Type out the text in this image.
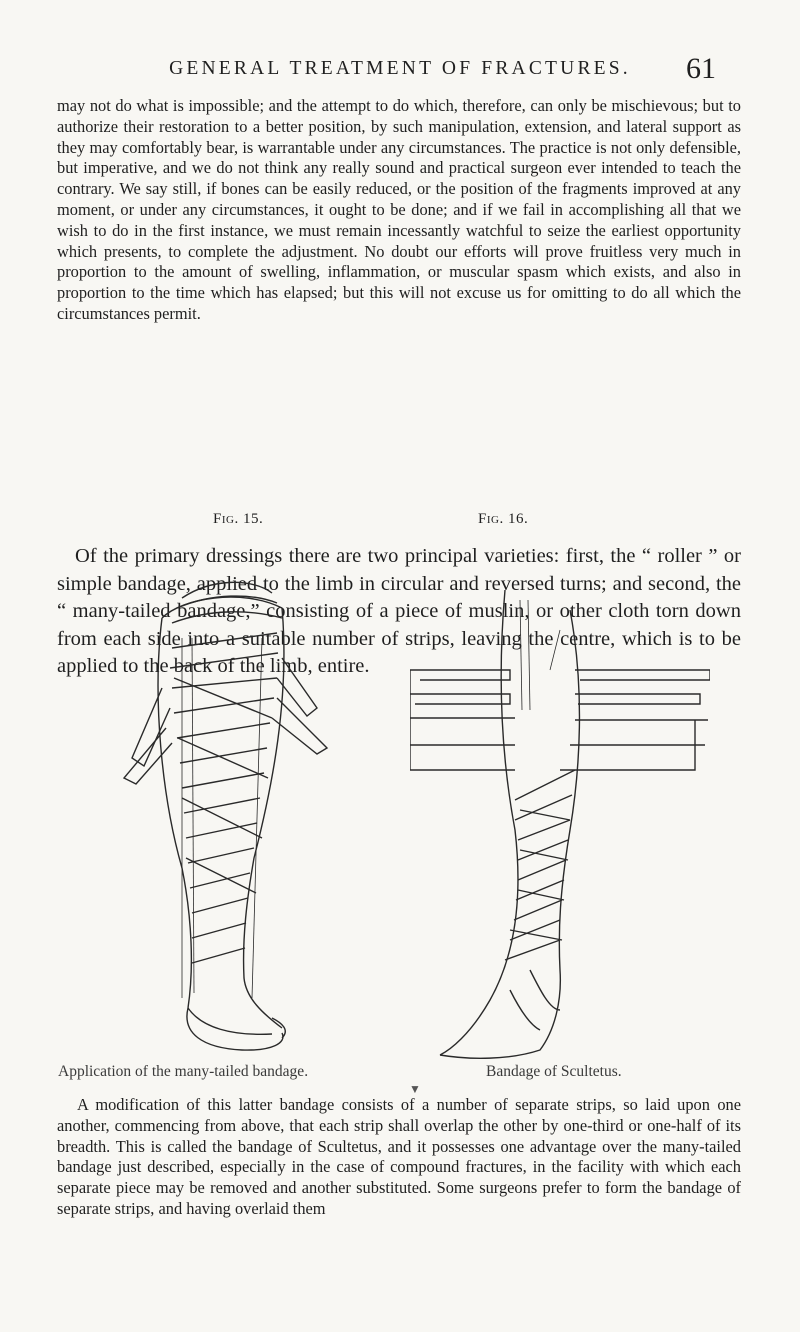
GENERAL TREATMENT OF FRACTURES.	61

may not do what is impossible; and the attempt to do which, therefore, can only be mischievous; but to authorize their restoration to a better position, by such manipulation, extension, and lateral support as they may comfortably bear, is warrantable under any circumstances. The practice is not only defensible, but imperative, and we do not think any really sound and practical surgeon ever intended to teach the contrary. We say still, if bones can be easily reduced, or the position of the fragments improved at any moment, or under any circumstances, it ought to be done; and if we fail in accomplishing all that we wish to do in the first instance, we must remain incessantly watchful to seize the earliest opportunity which presents, to complete the adjustment. No doubt our efforts will prove fruitless very much in proportion to the amount of swelling, inflammation, or muscular spasm which exists, and also in proportion to the time which has elapsed; but this will not excuse us for omitting to do all which the circumstances permit.

Of the primary dressings there are two principal varieties: first, the “ roller ” or simple bandage, applied to the limb in circular and reversed turns; and second, the “ many-tailed bandage,” consisting of a piece of muslin, or other cloth torn down from each side into a suitable number of strips, leaving the centre, which is to be applied to the back of the limb, entire.

Fig. 15.	Fig. 16.
Application of the many-tailed bandage.	Bandage of Scultetus.
▼

A modification of this latter bandage consists of a number of separate strips, so laid upon one another, commencing from above, that each strip shall overlap the other by one-third or one-half of its breadth. This is called the bandage of Scultetus, and it possesses one advantage over the many-tailed bandage just described, especially in the case of compound fractures, in the facility with which each separate piece may be removed and another substituted. Some surgeons prefer to form the bandage of separate strips, and having overlaid them
